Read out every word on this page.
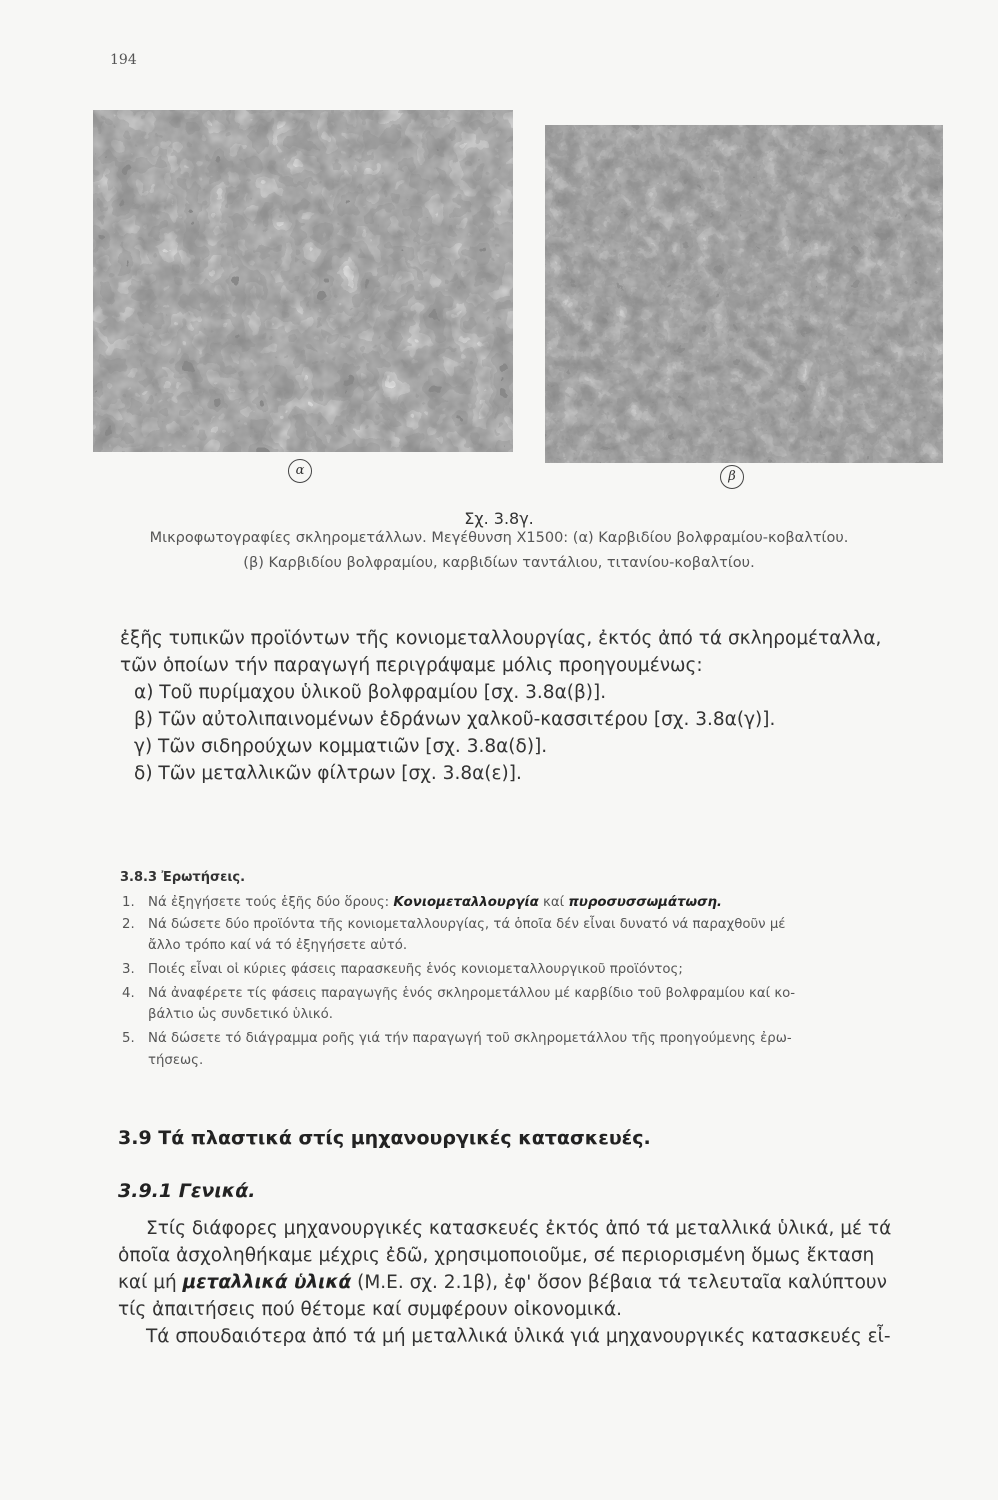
194
α	β
Σχ. 3.8γ.
Μικροφωτογραφίες σκληρομετάλλων. Μεγέθυνση Χ1500: (α) Καρβιδίου βολφραμίου-κοβαλτίου.
(β) Καρβιδίου βολφραμίου, καρβιδίων ταντάλιου, τιτανίου-κοβαλτίου.
ἐξῆς τυπικῶν προϊόντων τῆς κονιομεταλλουργίας, ἐκτός ἀπό τά σκληρομέταλλα,
τῶν ὁποίων τήν παραγωγή περιγράψαμε μόλις προηγουμένως:
α) Τοῦ πυρίμαχου ὑλικοῦ βολφραμίου [σχ. 3.8α(β)].
β) Τῶν αὐτολιπαινομένων ἑδράνων χαλκοῦ-κασσιτέρου [σχ. 3.8α(γ)].
γ) Τῶν σιδηρούχων κομματιῶν [σχ. 3.8α(δ)].
δ) Τῶν μεταλλικῶν φίλτρων [σχ. 3.8α(ε)].
3.8.3 Ἐρωτήσεις.
1. Νά ἐξηγήσετε τούς ἑξῆς δύο ὅρους: Κονιομεταλλουργία καί πυροσυσσωμάτωση.
2. Νά δώσετε δύο προϊόντα τῆς κονιομεταλλουργίας, τά ὁποῖα δέν εἶναι δυνατό νά παραχθοῦν μέ
ἄλλο τρόπο καί νά τό ἐξηγήσετε αὐτό.
3. Ποιές εἶναι οἱ κύριες φάσεις παρασκευῆς ἑνός κονιομεταλλουργικοῦ προϊόντος;
4. Νά ἀναφέρετε τίς φάσεις παραγωγῆς ἑνός σκληρομετάλλου μέ καρβίδιο τοῦ βολφραμίου καί κο-
βάλτιο ὡς συνδετικό ὑλικό.
5. Νά δώσετε τό διάγραμμα ροῆς γιά τήν παραγωγή τοῦ σκληρομετάλλου τῆς προηγούμενης ἐρω-
τήσεως.
3.9 Τά πλαστικά στίς μηχανουργικές κατασκευές.
3.9.1 Γενικά.
Στίς διάφορες μηχανουργικές κατασκευές ἐκτός ἀπό τά μεταλλικά ὑλικά, μέ τά
ὁποῖα ἀσχοληθήκαμε μέχρις ἐδῶ, χρησιμοποιοῦμε, σέ περιορισμένη ὅμως ἔκταση
καί μή μεταλλικά ὑλικά (Μ.Ε. σχ. 2.1β), ἐφ' ὅσον βέβαια τά τελευταῖα καλύπτουν
τίς ἀπαιτήσεις πού θέτομε καί συμφέρουν οἰκονομικά.
Τά σπουδαιότερα ἀπό τά μή μεταλλικά ὑλικά γιά μηχανουργικές κατασκευές εἶ-
